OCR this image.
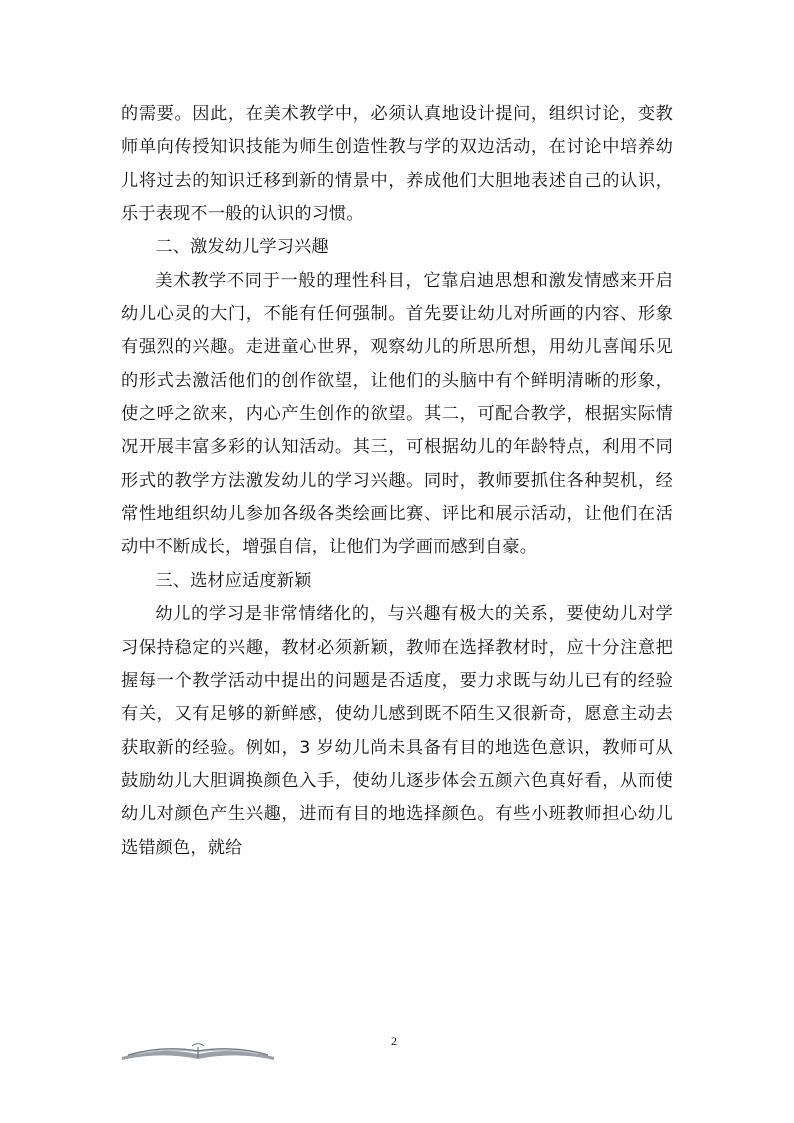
的需要。因此，在美术教学中，必须认真地设计提问，组织讨论，变教师单向传授知识技能为师生创造性教与学的双边活动，在讨论中培养幼儿将过去的知识迁移到新的情景中，养成他们大胆地表述自己的认识，乐于表现不一般的认识的习惯。

二、激发幼儿学习兴趣

美术教学不同于一般的理性科目，它靠启迪思想和激发情感来开启幼儿心灵的大门，不能有任何强制。首先要让幼儿对所画的内容、形象有强烈的兴趣。走进童心世界，观察幼儿的所思所想，用幼儿喜闻乐见的形式去激活他们的创作欲望，让他们的头脑中有个鲜明清晰的形象，使之呼之欲来，内心产生创作的欲望。其二，可配合教学，根据实际情况开展丰富多彩的认知活动。其三，可根据幼儿的年龄特点，利用不同形式的教学方法激发幼儿的学习兴趣。同时，教师要抓住各种契机，经常性地组织幼儿参加各级各类绘画比赛、评比和展示活动，让他们在活动中不断成长，增强自信，让他们为学画而感到自豪。

三、选材应适度新颖

幼儿的学习是非常情绪化的，与兴趣有极大的关系，要使幼儿对学习保持稳定的兴趣，教材必须新颖，教师在选择教材时，应十分注意把握每一个教学活动中提出的问题是否适度，要力求既与幼儿已有的经验有关，又有足够的新鲜感，使幼儿感到既不陌生又很新奇，愿意主动去获取新的经验。例如，3 岁幼儿尚未具备有目的地选色意识，教师可从鼓励幼儿大胆调换颜色入手，使幼儿逐步体会五颜六色真好看，从而使幼儿对颜色产生兴趣，进而有目的地选择颜色。有些小班教师担心幼儿选错颜色，就给

2
